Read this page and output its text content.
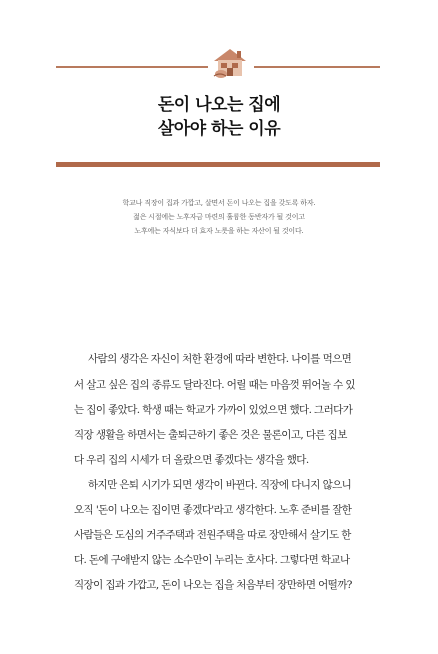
돈이 나오는 집에
살아야 하는 이유
학교나 직장이 집과 가깝고, 살면서 돈이 나오는 집을 갖도록 하자.
젊은 시절에는 노후자금 마련의 훌륭한 동반자가 될 것이고
노후에는 자식보다 더 효자 노릇을 하는 자산이 될 것이다.
사람의 생각은 자신이 처한 환경에 따라 변한다. 나이를 먹으면
서 살고 싶은 집의 종류도 달라진다. 어릴 때는 마음껏 뛰어놀 수 있
는 집이 좋았다. 학생 때는 학교가 가까이 있었으면 했다. 그러다가
직장 생활을 하면서는 출퇴근하기 좋은 것은 물론이고, 다른 집보
다 우리 집의 시세가 더 올랐으면 좋겠다는 생각을 했다.
하지만 은퇴 시기가 되면 생각이 바뀐다. 직장에 다니지 않으니
오직 '돈이 나오는 집이면 좋겠다'라고 생각한다. 노후 준비를 잘한
사람들은 도심의 거주주택과 전원주택을 따로 장만해서 살기도 한
다. 돈에 구애받지 않는 소수만이 누리는 호사다. 그렇다면 학교나
직장이 집과 가깝고, 돈이 나오는 집을 처음부터 장만하면 어떨까?
